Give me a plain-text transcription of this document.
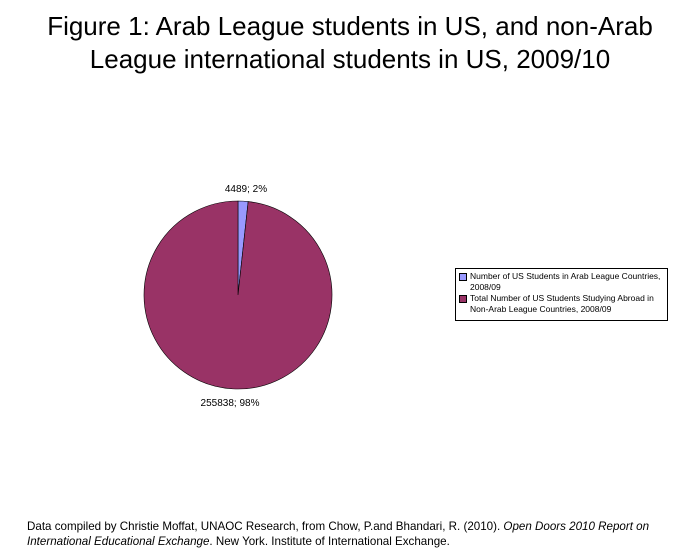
Figure 1: Arab League students in US, and non-Arab
League international students in US, 2009/10
4489; 2%
255838; 98%
Number of US Students in Arab League Countries,
2008/09
Total Number of US Students Studying Abroad in
Non-Arab League Countries, 2008/09
Data compiled by Christie Moffat, UNAOC Research, from Chow, P.and Bhandari, R. (2010). Open Doors 2010 Report on International Educational Exchange. New York. Institute of International Exchange.
